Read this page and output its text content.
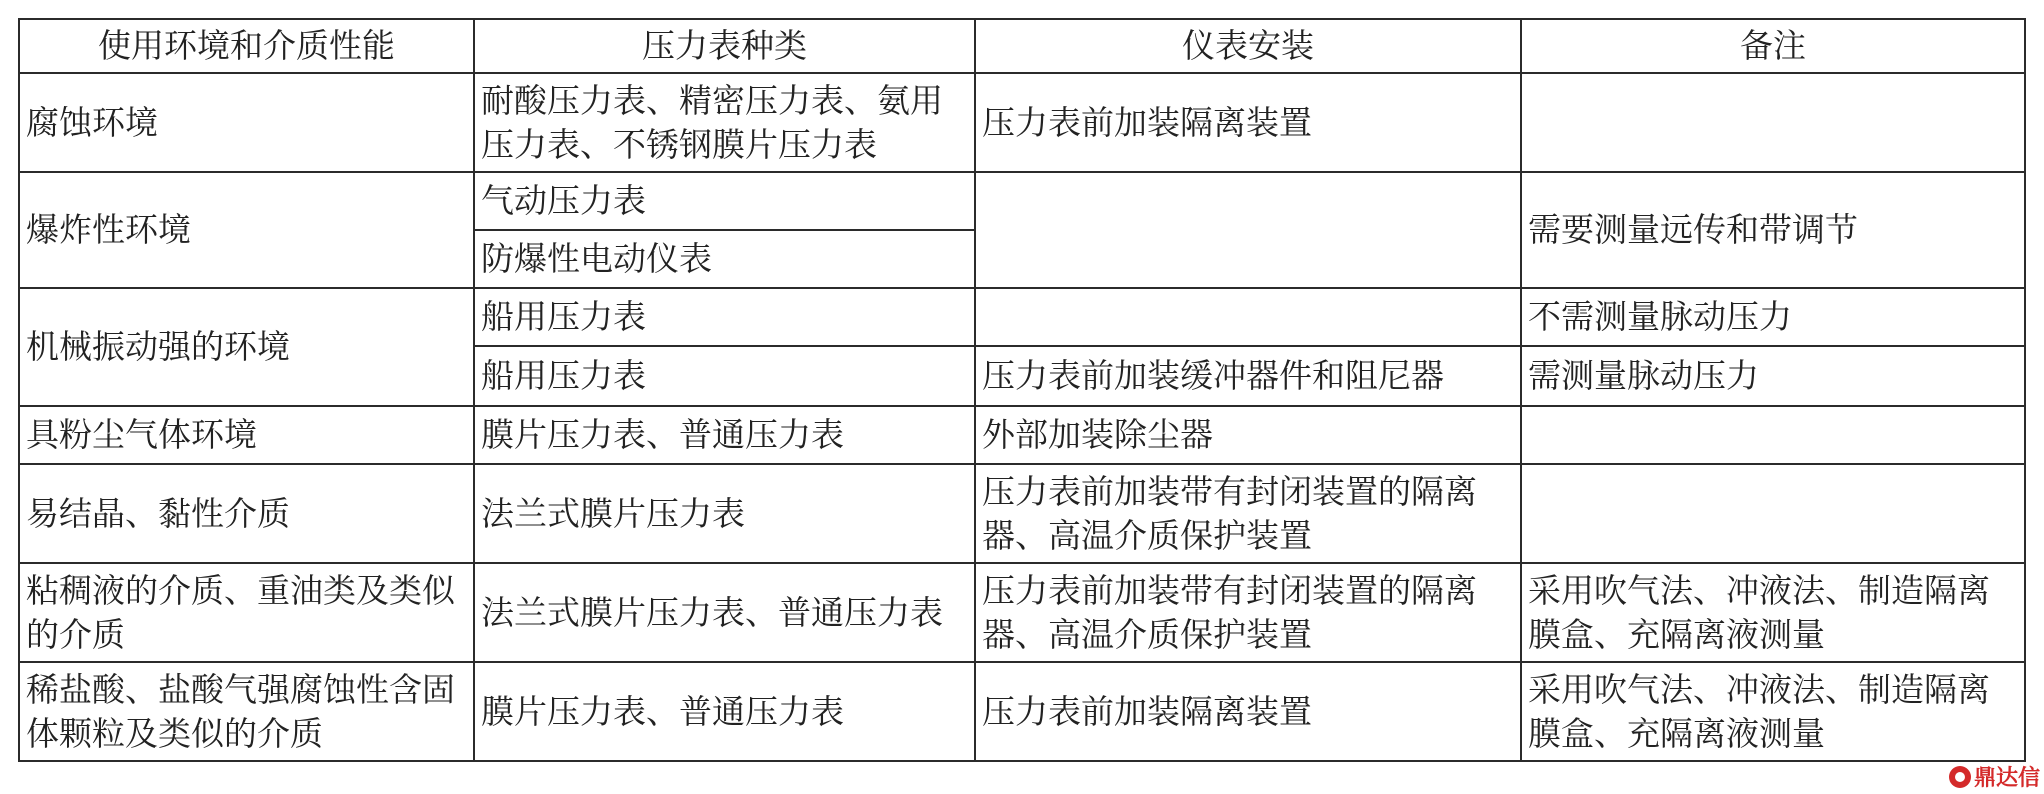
使用环境和介质性能	压力表种类	仪表安装	备注
腐蚀环境	耐酸压力表、精密压力表、氨用压力表、不锈钢膜片压力表	压力表前加装隔离装置	
爆炸性环境	气动压力表		需要测量远传和带调节
	防爆性电动仪表		
机械振动强的环境	船用压力表		不需测量脉动压力
	船用压力表	压力表前加装缓冲器件和阻尼器	需测量脉动压力
具粉尘气体环境	膜片压力表、普通压力表	外部加装除尘器	
易结晶、黏性介质	法兰式膜片压力表	压力表前加装带有封闭装置的隔离器、高温介质保护装置	
粘稠液的介质、重油类及类似的介质	法兰式膜片压力表、普通压力表	压力表前加装带有封闭装置的隔离器、高温介质保护装置	采用吹气法、冲液法、制造隔离膜盒、充隔离液测量
稀盐酸、盐酸气强腐蚀性含固体颗粒及类似的介质	膜片压力表、普通压力表	压力表前加装隔离装置	采用吹气法、冲液法、制造隔离膜盒、充隔离液测量
鼎达信
